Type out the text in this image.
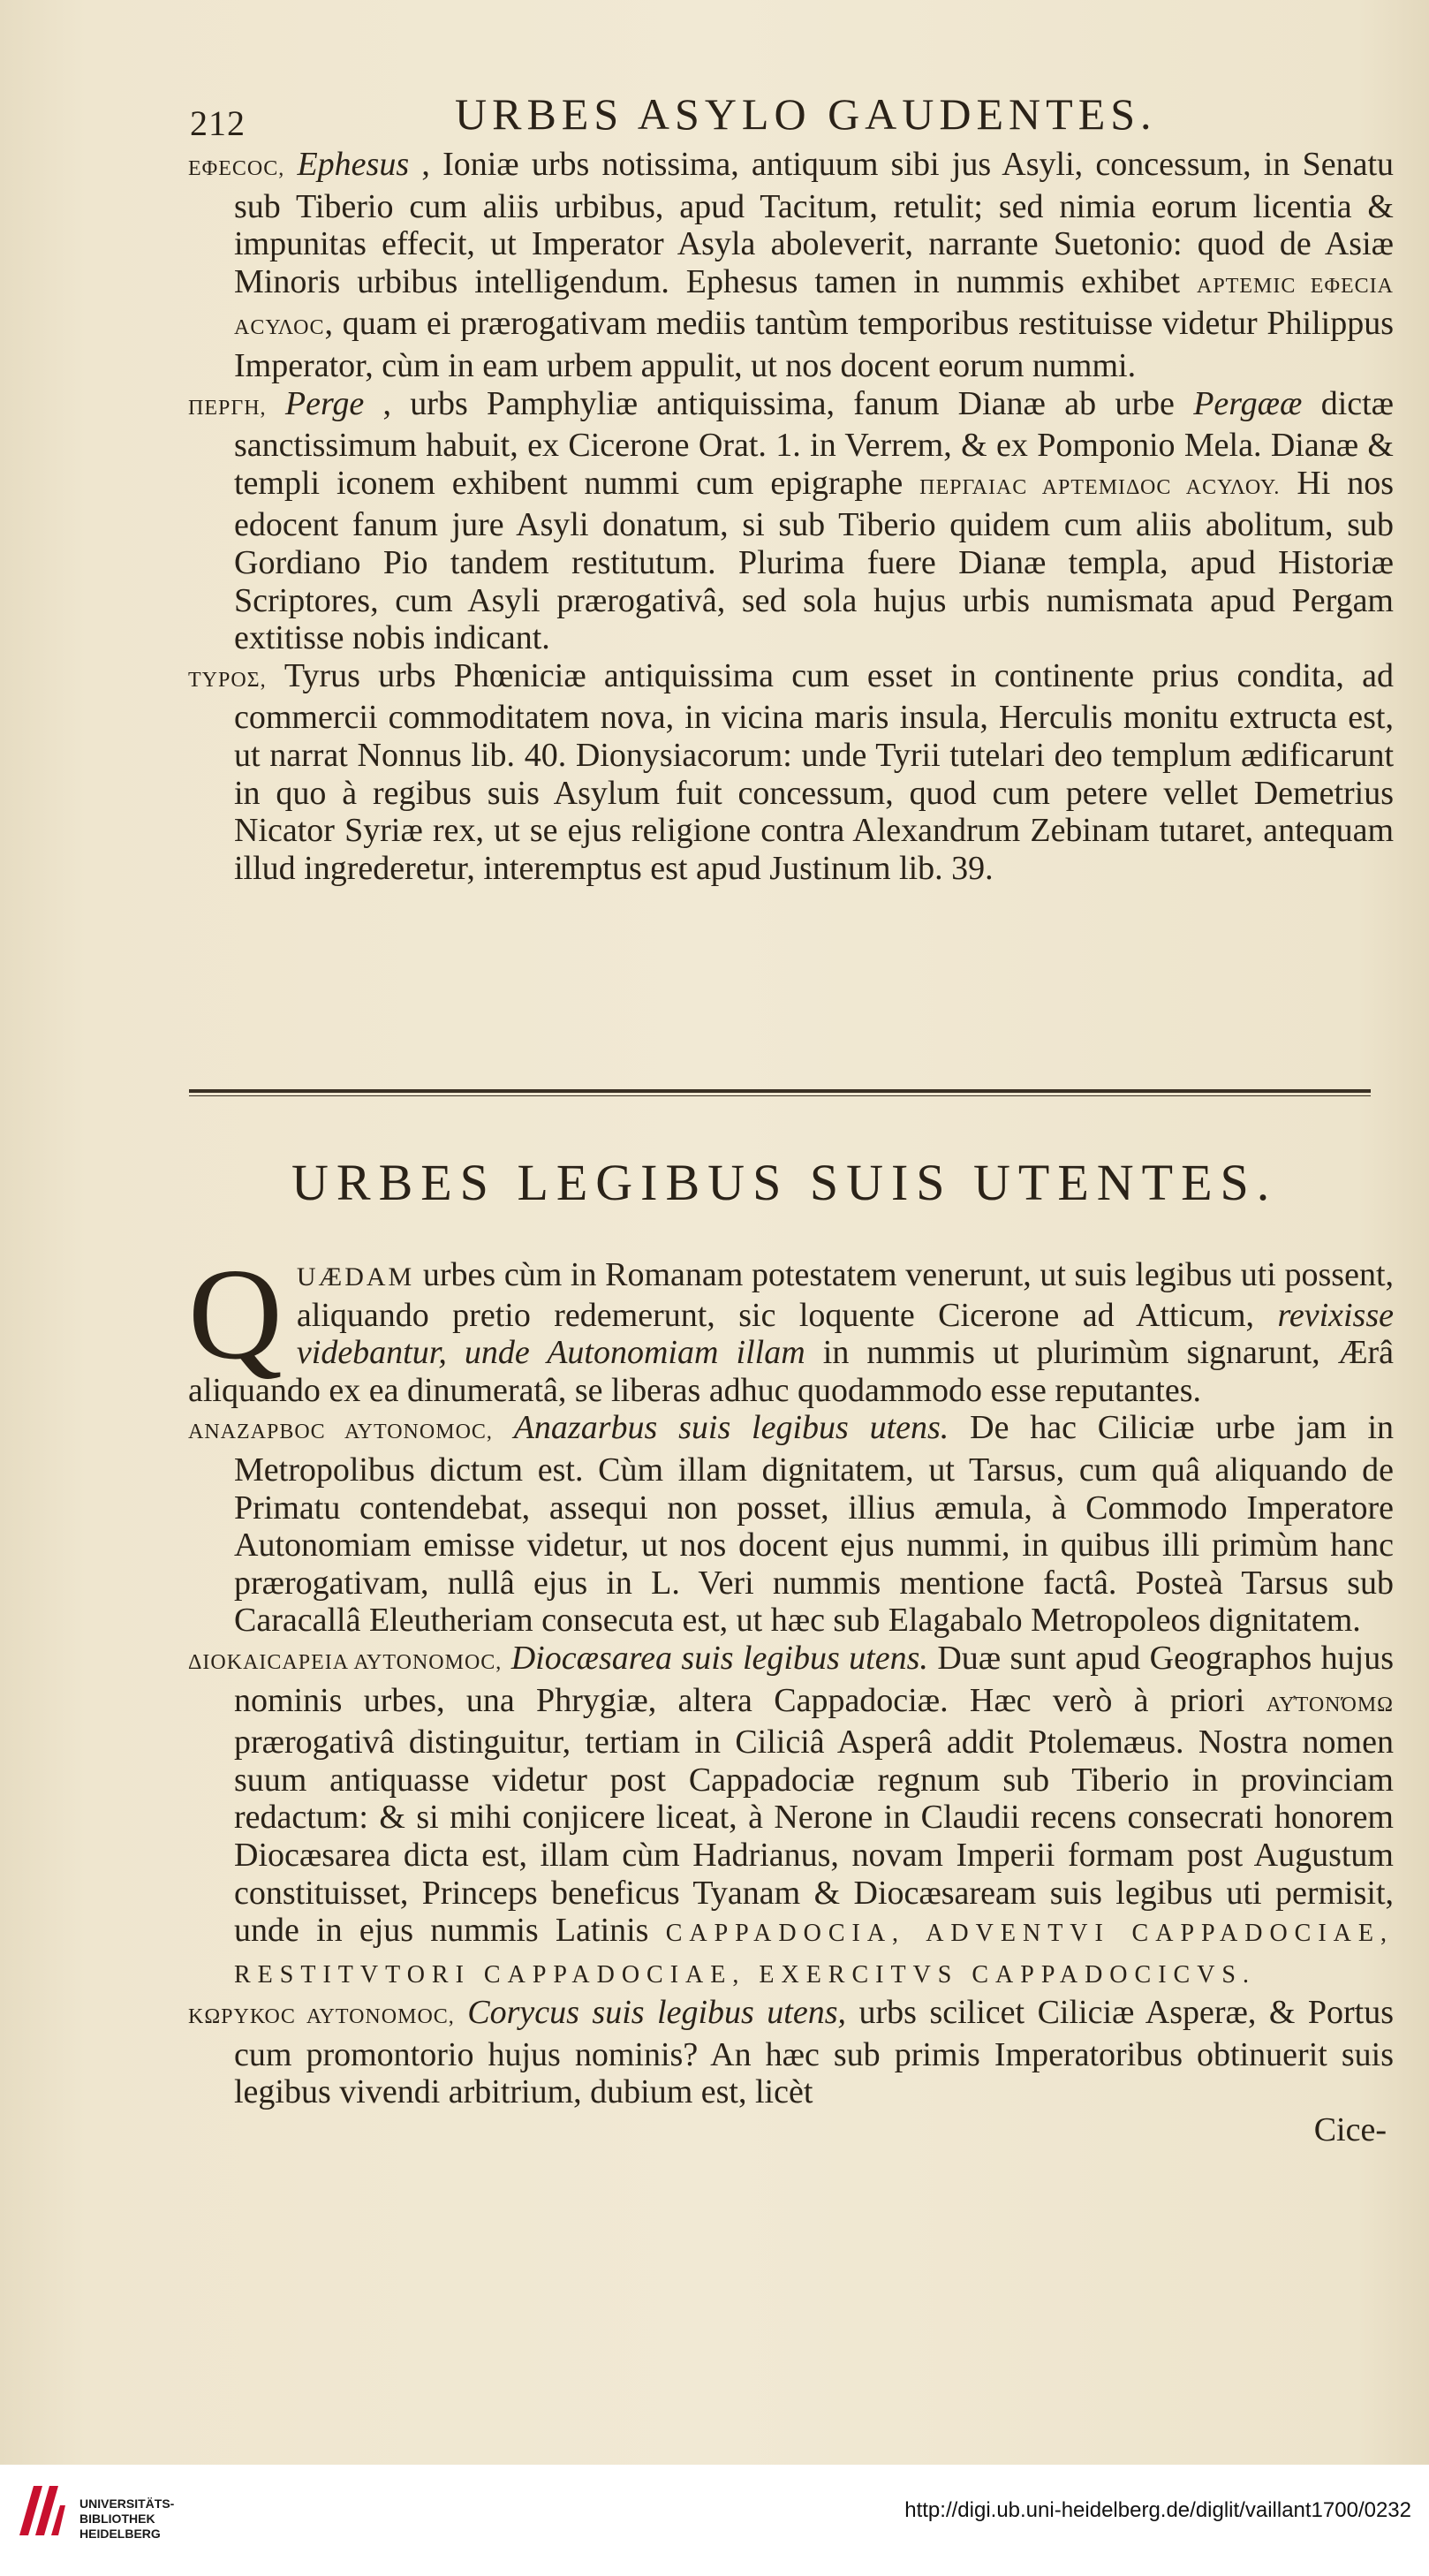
212	URBES ASYLO GAUDENTES.

ΕΦΕCΟC, Ephesus , Ioniæ urbs notissima, antiquum sibi jus Asyli, concessum, in Senatu sub Tiberio cum aliis urbibus, apud Tacitum, retulit; sed nimia eorum licentia & impunitas effecit, ut Imperator Asyla aboleverit, narrante Suetonio: quod de Asiæ Minoris urbibus intelligendum. Ephesus tamen in nummis exhibet ΑΡΤΕΜΙC ΕΦΕCΙΑ ΑCΥΛΟC, quam ei prærogativam mediis tantùm temporibus restituisse videtur Philippus Imperator, cùm in eam urbem appulit, ut nos docent eorum nummi.

ΠΕΡΓΗ, Perge , urbs Pamphyliæ antiquissima, fanum Dianæ ab urbe Pergææ dictæ sanctissimum habuit, ex Cicerone Orat. 1. in Verrem, & ex Pomponio Mela. Dianæ & templi iconem exhibent nummi cum epigraphe ΠΕΡΓΑΙΑC ΑΡΤΕΜΙΔΟC ΑCΥΛΟΥ. Hi nos edocent fanum jure Asyli donatum, si sub Tiberio quidem cum aliis abolitum, sub Gordiano Pio tandem restitutum. Plurima fuere Dianæ templa, apud Historiæ Scriptores, cum Asyli prærogativâ, sed sola hujus urbis numismata apud Pergam extitisse nobis indicant.

ΤΥΡΟΣ, Tyrus urbs Phœniciæ antiquissima cum esset in continente prius condita, ad commercii commoditatem nova, in vicina maris insula, Herculis monitu extructa est, ut narrat Nonnus lib. 40. Dionysiacorum: unde Tyrii tutelari deo templum ædificarunt in quo à regibus suis Asylum fuit concessum, quod cum petere vellet Demetrius Nicator Syriæ rex, ut se ejus religione contra Alexandrum Zebinam tutaret, antequam illud ingrederetur, interemptus est apud Justinum lib. 39.

URBES LEGIBUS SUIS UTENTES.

Q UÆDAM urbes cùm in Romanam potestatem venerunt, ut suis legibus uti possent, aliquando pretio redemerunt, sic loquente Cicerone ad Atticum, revixisse videbantur, unde Autonomiam illam in nummis ut plurimùm signarunt, Ærâ aliquando ex ea dinumeratâ, se liberas adhuc quodammodo esse reputantes.

ΑΝΑΖΑΡΒΟC ΑΥΤΟΝΟΜΟC, Anazarbus suis legibus utens. De hac Ciliciæ urbe jam in Metropolibus dictum est. Cùm illam dignitatem, ut Tarsus, cum quâ aliquando de Primatu contendebat, assequi non posset, illius æmula, à Commodo Imperatore Autonomiam emisse videtur, ut nos docent ejus nummi, in quibus illi primùm hanc prærogativam, nullâ ejus in L. Veri nummis mentione factâ. Posteà Tarsus sub Caracallâ Eleutheriam consecuta est, ut hæc sub Elagabalo Metropoleos dignitatem.

ΔΙΟΚΑΙCΑΡΕΙΑ ΑΥΤΟΝΟΜΟC, Diocæsarea suis legibus utens. Duæ sunt apud Geographos hujus nominis urbes, una Phrygiæ, altera Cappadociæ. Hæc verò à priori ΑΥ̓ΤΟΝΌΜΩ prærogativâ distinguitur, tertiam in Ciliciâ Asperâ addit Ptolemæus. Nostra nomen suum antiquasse videtur post Cappadociæ regnum sub Tiberio in provinciam redactum: & si mihi conjicere liceat, à Nerone in Claudii recens consecrati honorem Diocæsarea dicta est, illam cùm Hadrianus, novam Imperii formam post Augustum constituisset, Princeps beneficus Tyanam & Diocæsaream suis legibus uti permisit, unde in ejus nummis Latinis CAPPADOCIA, ADVENTVI CAPPADOCIAE, RESTITVTORI CAPPADOCIAE, EXERCITVS CAPPADOCICVS.

ΚΩΡΥΚΟC ΑΥΤΟΝΟΜΟC, Corycus suis legibus utens, urbs scilicet Ciliciæ Asperæ, & Portus cum promontorio hujus nominis? An hæc sub primis Imperatoribus obtinuerit suis legibus vivendi arbitrium, dubium est, licèt

Cice-

UNIVERSITÄTS-
BIBLIOTHEK
HEIDELBERG
http://digi.ub.uni-heidelberg.de/diglit/vaillant1700/0232
